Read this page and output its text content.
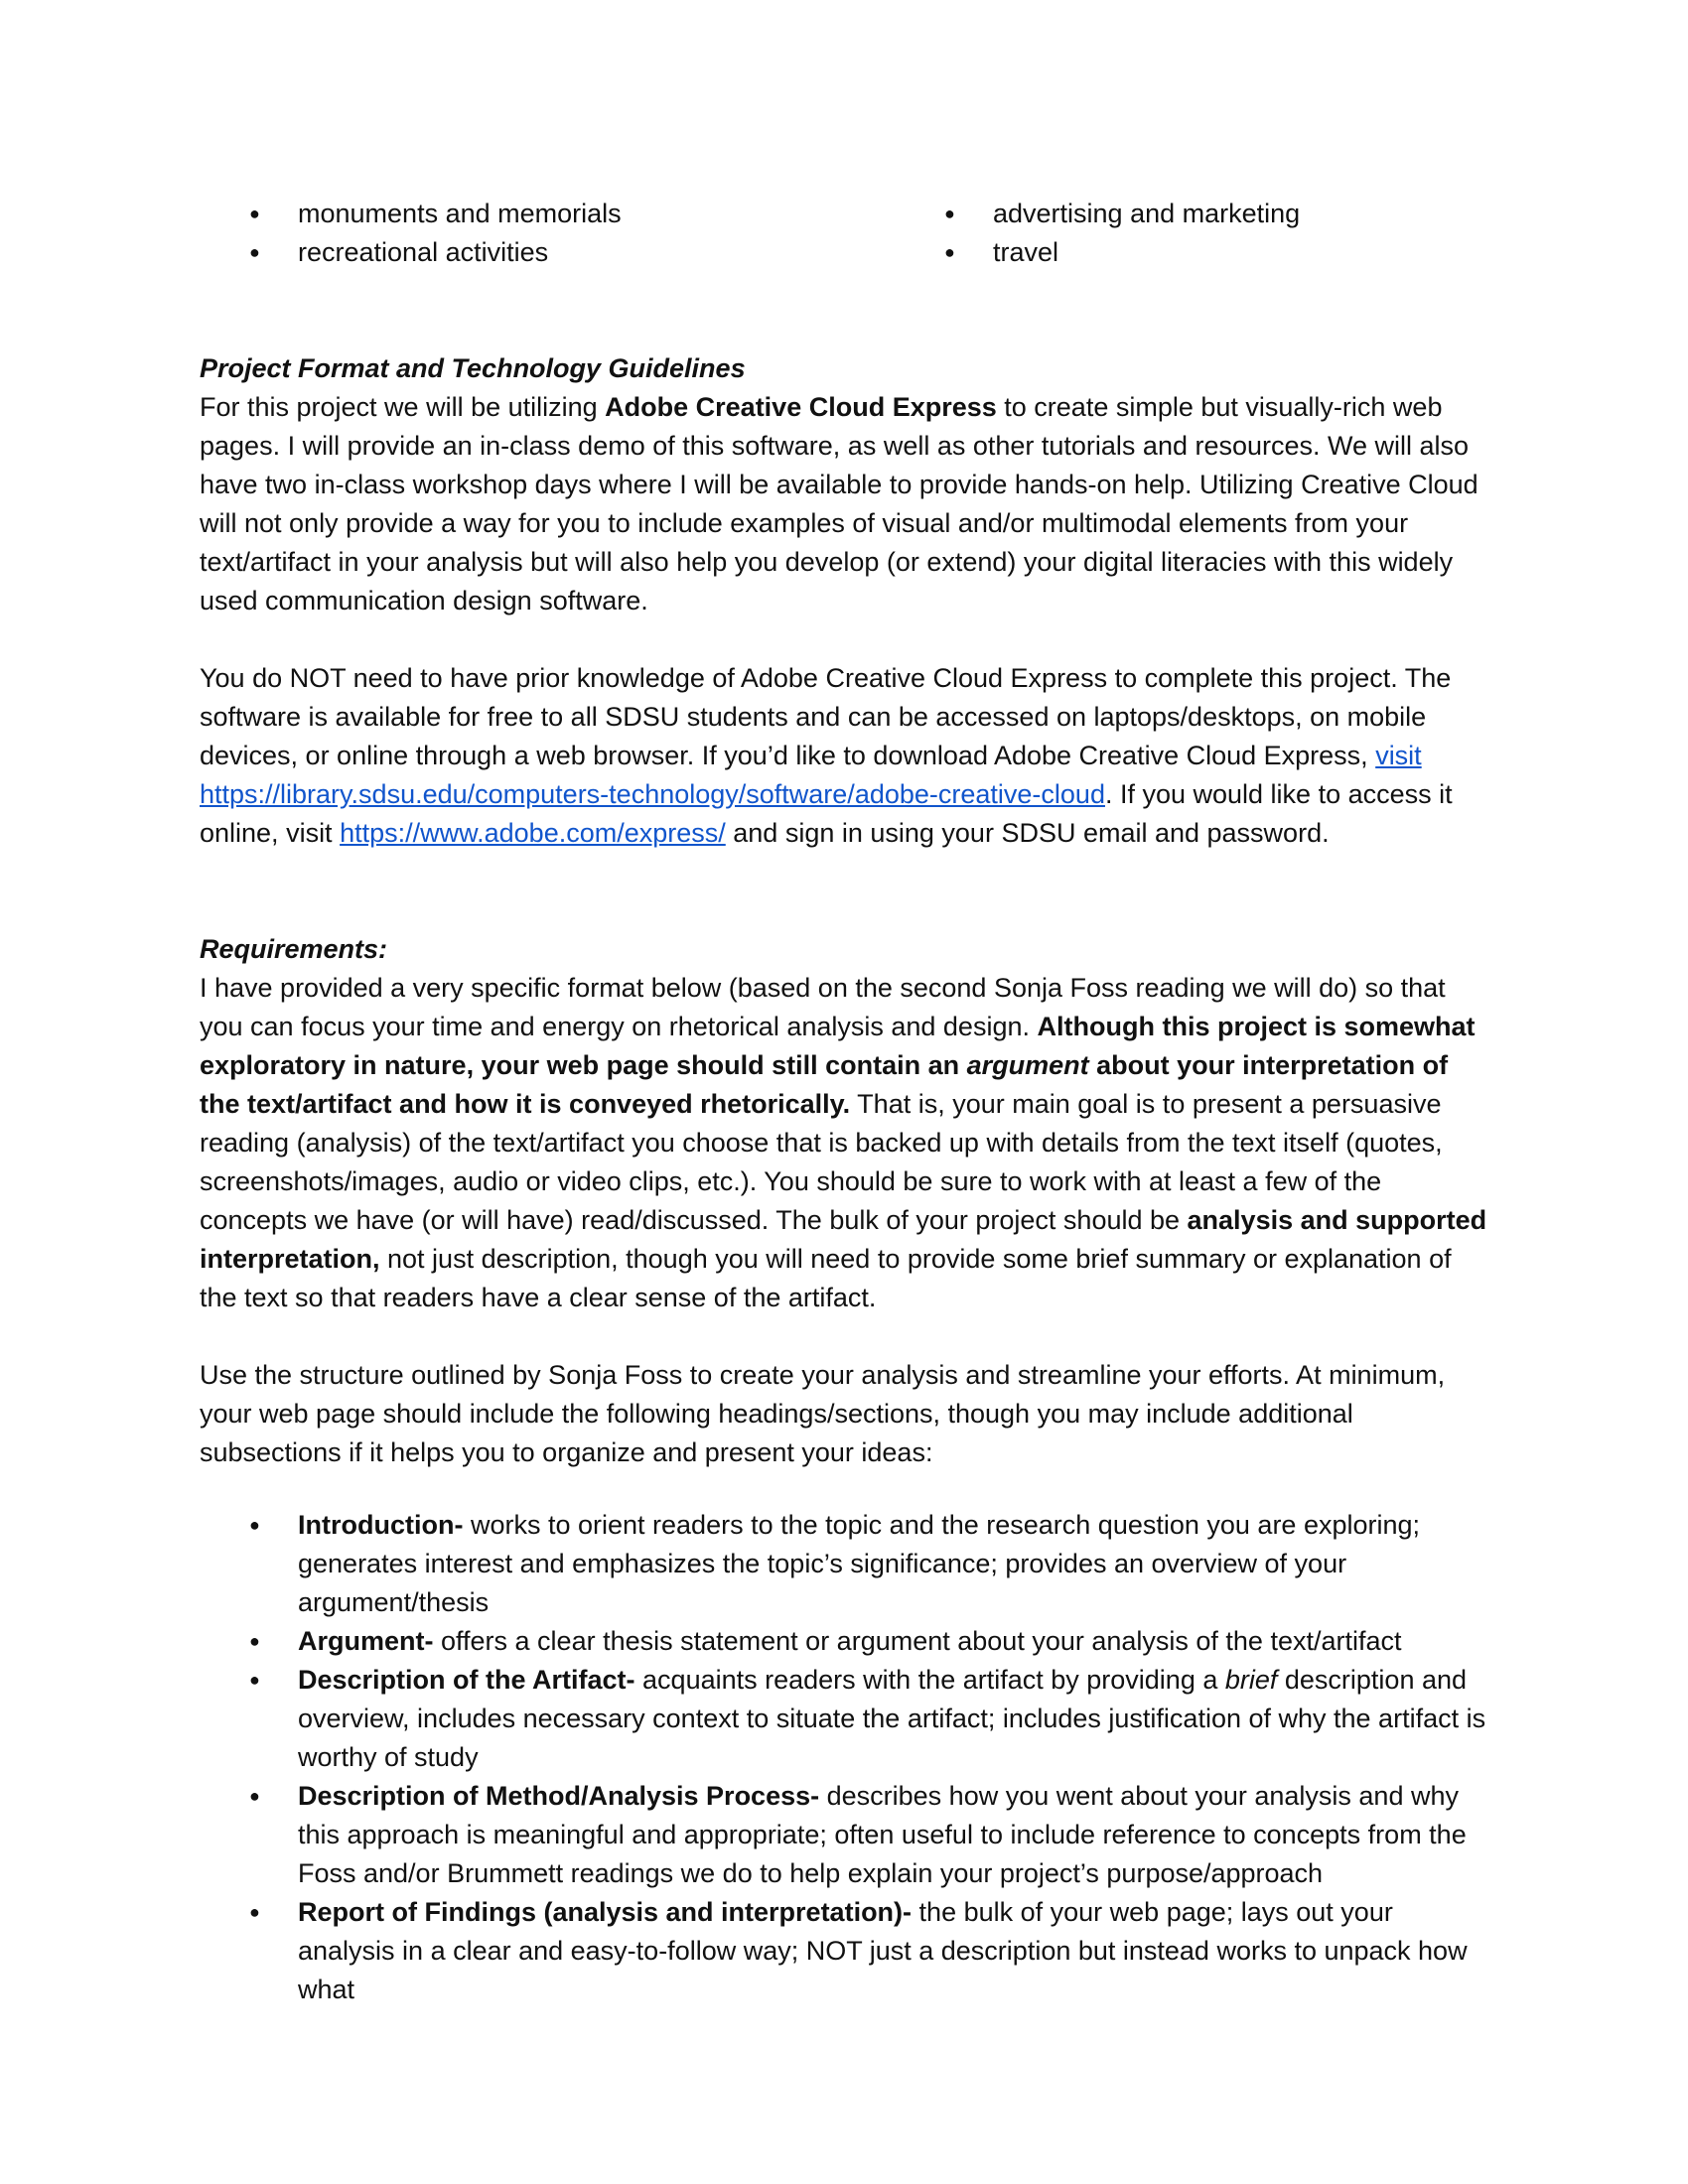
● monuments and memorials
● recreational activities
● advertising and marketing
● travel

Project Format and Technology Guidelines

For this project we will be utilizing Adobe Creative Cloud Express to create simple but visually-rich web pages. I will provide an in-class demo of this software, as well as other tutorials and resources. We will also have two in-class workshop days where I will be available to provide hands-on help. Utilizing Creative Cloud will not only provide a way for you to include examples of visual and/or multimodal elements from your text/artifact in your analysis but will also help you develop (or extend) your digital literacies with this widely used communication design software.

You do NOT need to have prior knowledge of Adobe Creative Cloud Express to complete this project. The software is available for free to all SDSU students and can be accessed on laptops/desktops, on mobile devices, or online through a web browser. If you’d like to download Adobe Creative Cloud Express, visit https://library.sdsu.edu/computers-technology/software/adobe-creative-cloud. If you would like to access it online, visit https://www.adobe.com/express/ and sign in using your SDSU email and password.

Requirements:

I have provided a very specific format below (based on the second Sonja Foss reading we will do) so that you can focus your time and energy on rhetorical analysis and design. Although this project is somewhat exploratory in nature, your web page should still contain an argument about your interpretation of the text/artifact and how it is conveyed rhetorically. That is, your main goal is to present a persuasive reading (analysis) of the text/artifact you choose that is backed up with details from the text itself (quotes, screenshots/images, audio or video clips, etc.). You should be sure to work with at least a few of the concepts we have (or will have) read/discussed. The bulk of your project should be analysis and supported interpretation, not just description, though you will need to provide some brief summary or explanation of the text so that readers have a clear sense of the artifact.

Use the structure outlined by Sonja Foss to create your analysis and streamline your efforts. At minimum, your web page should include the following headings/sections, though you may include additional subsections if it helps you to organize and present your ideas:

● Introduction- works to orient readers to the topic and the research question you are exploring; generates interest and emphasizes the topic’s significance; provides an overview of your argument/thesis
● Argument- offers a clear thesis statement or argument about your analysis of the text/artifact
● Description of the Artifact- acquaints readers with the artifact by providing a brief description and overview, includes necessary context to situate the artifact; includes justification of why the artifact is worthy of study
● Description of Method/Analysis Process- describes how you went about your analysis and why this approach is meaningful and appropriate; often useful to include reference to concepts from the Foss and/or Brummett readings we do to help explain your project’s purpose/approach
● Report of Findings (analysis and interpretation)- the bulk of your web page; lays out your analysis in a clear and easy-to-follow way; NOT just a description but instead works to unpack how what
